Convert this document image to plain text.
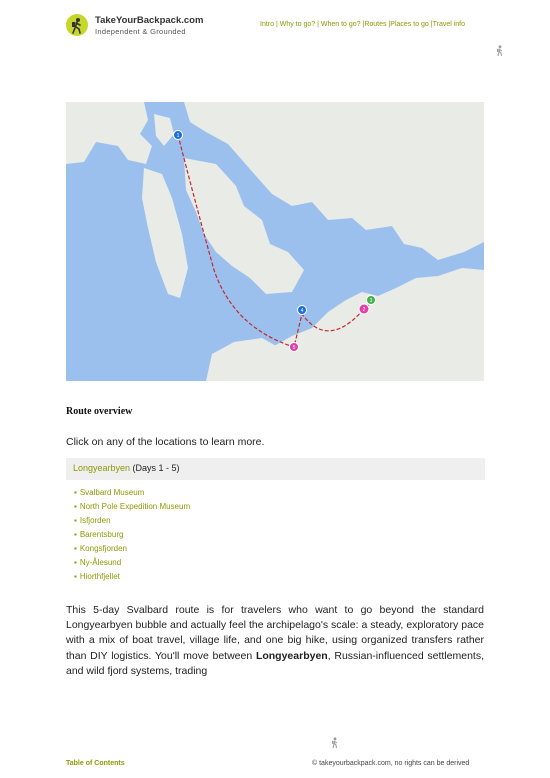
TakeYourBackpack.com
Independent & Grounded
Intro | Why to go? | When to go? |Routes |Places to go |Travel info
1
4
3
2
5
Route overview
Click on any of the locations to learn more.
Longyearbyen (Days 1 - 5)
▪ Svalbard Museum
▪ North Pole Expedition Museum
▪ Isfjorden
▪ Barentsburg
▪ Kongsfjorden
▪ Ny-Ålesund
▪ Hiorthfjellet
This 5-day Svalbard route is for travelers who want to go beyond the standard Longyearbyen bubble and actually feel the archipelago's scale: a steady, exploratory pace with a mix of boat travel, village life, and one big hike, using organized transfers rather than DIY logistics. You'll move between Longyearbyen, Russian-influenced settlements, and wild fjord systems, trading
Table of Contents	© takeyourbackpack.com, no rights can be derived
